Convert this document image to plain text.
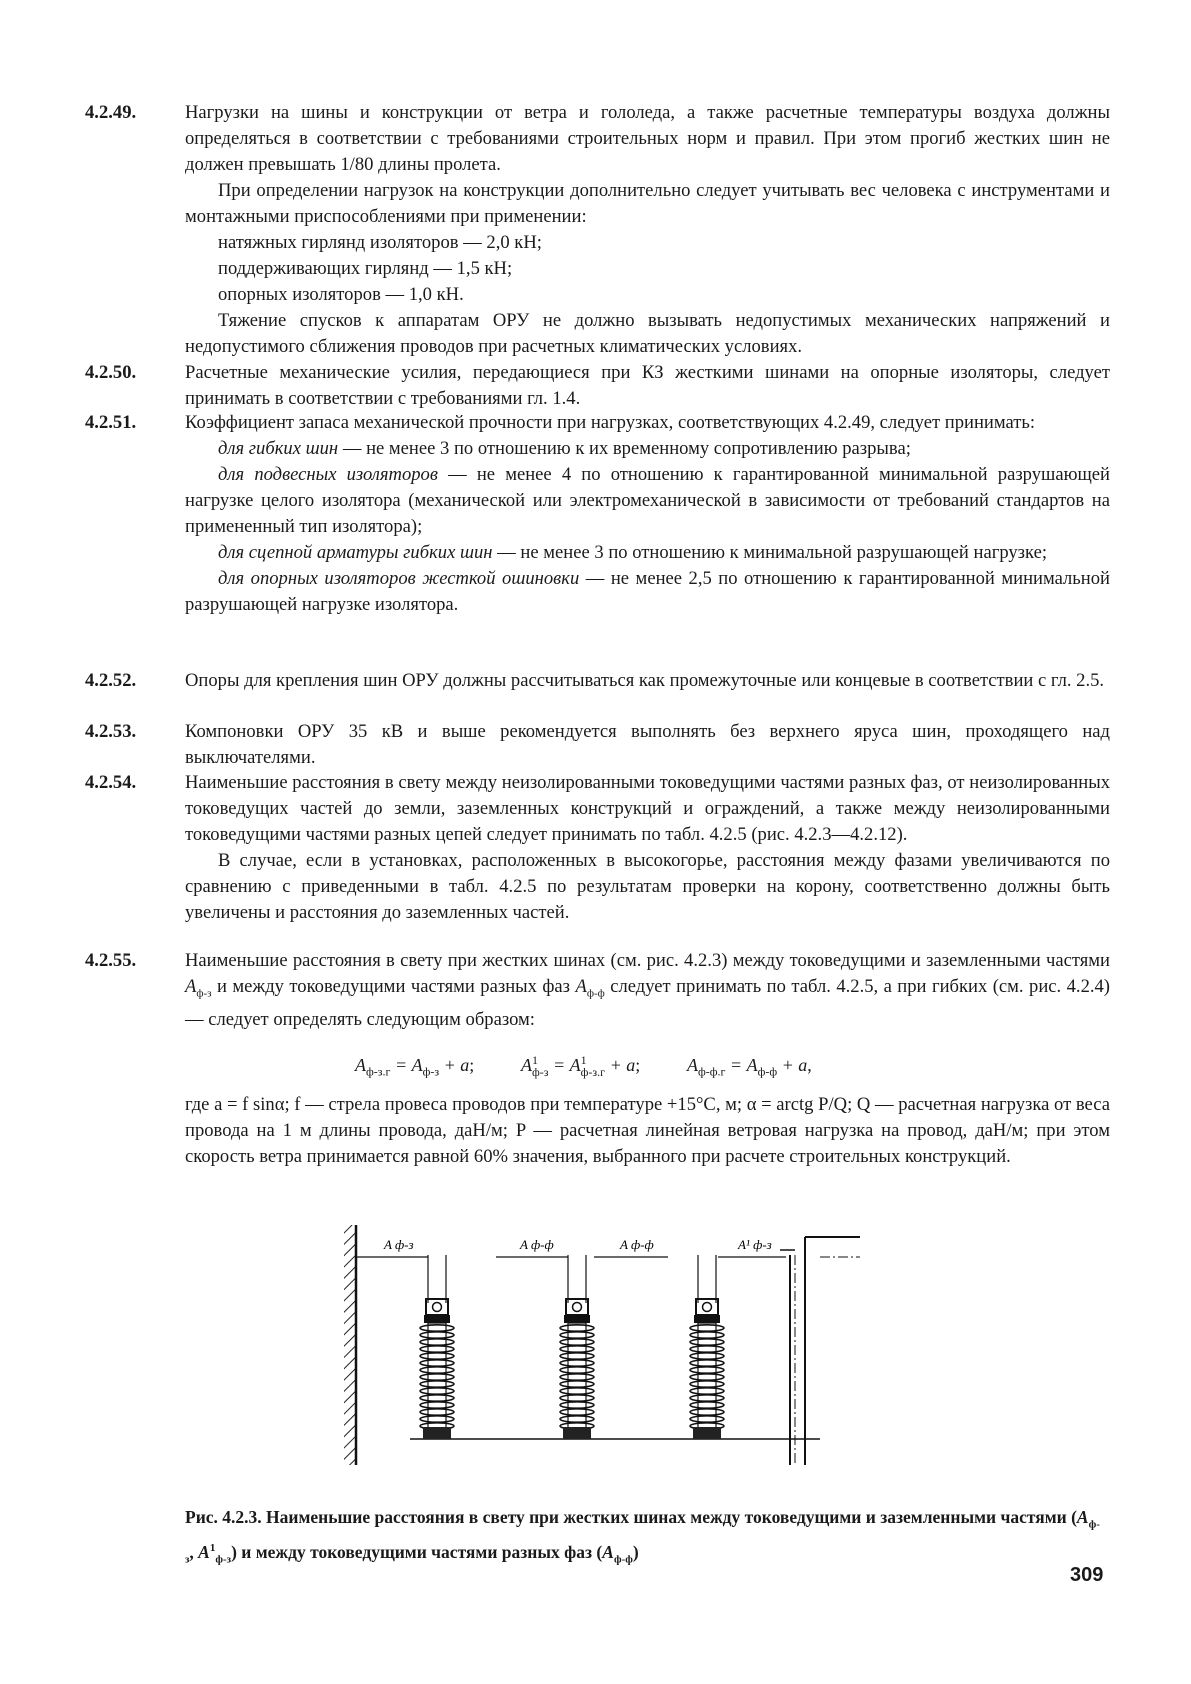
4.2.49.	Нагрузки на шины и конструкции от ветра и гололеда, а также расчетные температуры воздуха должны определяться в соответствии с требованиями строительных норм и правил. При этом прогиб жестких шин не должен превышать 1/80 длины пролета.

При определении нагрузок на конструкции дополнительно следует учитывать вес человека с инструментами и монтажными приспособлениями при применении:

натяжных гирлянд изоляторов — 2,0 кН;

поддерживающих гирлянд — 1,5 кН;

опорных изоляторов — 1,0 кН.

Тяжение спусков к аппаратам ОРУ не должно вызывать недопустимых механических напряжений и недопустимого сближения проводов при расчетных климатических условиях.

4.2.50.	Расчетные механические усилия, передающиеся при КЗ жесткими шинами на опорные изоляторы, следует принимать в соответствии с требованиями гл. 1.4.

4.2.51.	Коэффициент запаса механической прочности при нагрузках, соответствующих 4.2.49, следует принимать:

для гибких шин — не менее 3 по отношению к их временному сопротивлению разрыва;

для подвесных изоляторов — не менее 4 по отношению к гарантированной минимальной разрушающей нагрузке целого изолятора (механической или электромеханической в зависимости от требований стандартов на примененный тип изолятора);

для сцепной арматуры гибких шин — не менее 3 по отношению к минимальной разрушающей нагрузке;

для опорных изоляторов жесткой ошиновки — не менее 2,5 по отношению к гарантированной минимальной разрушающей нагрузке изолятора.

4.2.52.	Опоры для крепления шин ОРУ должны рассчитываться как промежуточные или концевые в соответствии с гл. 2.5.

4.2.53.	Компоновки ОРУ 35 кВ и выше рекомендуется выполнять без верхнего яруса шин, проходящего над выключателями.

4.2.54.	Наименьшие расстояния в свету между неизолированными токоведущими частями разных фаз, от неизолированных токоведущих частей до земли, заземленных конструкций и ограждений, а также между неизолированными токоведущими частями разных цепей следует принимать по табл. 4.2.5 (рис. 4.2.3—4.2.12).

В случае, если в установках, расположенных в высокогорье, расстояния между фазами увеличиваются по сравнению с приведенными в табл. 4.2.5 по результатам проверки на корону, соответственно должны быть увеличены и расстояния до заземленных частей.

4.2.55.	Наименьшие расстояния в свету при жестких шинах (см. рис. 4.2.3) между токоведущими и заземленными частями $A_{ф-з}$ и между токоведущими частями разных фаз $A_{ф-ф}$ следует принимать по табл. 4.2.5, а при гибких (см. рис. 4.2.4) — следует определять следующим образом:

$A_{ф-з.г} = A_{ф-з} + a$;	$A^1_{ф-з} = A^1_{ф-з.г} + a$;	$A_{ф-ф.г} = A_{ф-ф} + a$,

где a = f sinα; f — стрела провеса проводов при температуре +15°С, м; α = arctg P/Q; Q — расчетная нагрузка от веса провода на 1 м длины провода, даН/м; P — расчетная линейная ветровая нагрузка на провод, даН/м; при этом скорость ветра принимается равной 60% значения, выбранного при расчете строительных конструкций.

A ф-з	A ф-ф	A ф-ф	A¹ ф-з
Рис. 4.2.3. Наименьшие расстояния в свету при жестких шинах между токоведущими и заземленными частями ($A_{ф-з}$, $A^1_{ф-з}$) и между токоведущими частями разных фаз $(A_{ф-ф})$
309
